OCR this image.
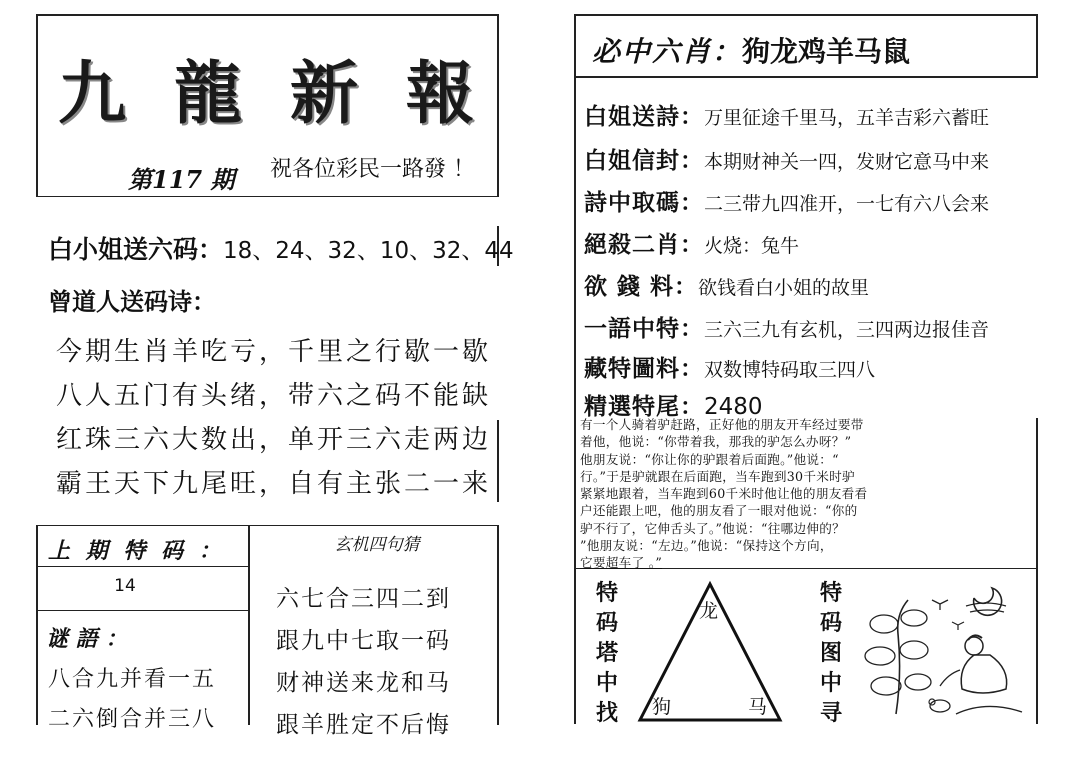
九 龍 新 報
第117 期 祝各位彩民一路發 ！
白小姐送六码：18、24、32、10、32、44
曾道人送码诗：
今期生肖羊吃亏，千里之行歇一歇
八人五门有头绪，带六之码不能缺
红珠三六大数出，单开三六走两边
霸王天下九尾旺，自有主张二一来
上 期 特 码 ：
14
玄机四句猜
六七合三四二到
跟九中七取一码
财神送来龙和马
跟羊胜定不后悔
谜 語 ：
八合九并看一五
二六倒合并三八
必中六肖：狗龙鸡羊马鼠
白姐送詩：万里征途千里马，五羊吉彩六蓄旺
白姐信封：本期财神关一四，发财它意马中来
詩中取碼：二三带九四准开，一七有六八会来
絕殺二肖：火烧：兔牛
欲 錢 料：欲钱看白小姐的故里
一語中特：三六三九有玄机，三四两边报佳音
藏特圖料：双数博特码取三四八
精選特尾：2480
有一个人骑着驴赶路，正好他的朋友开车经过要带
着他，他说：“你带着我，那我的驴怎么办呀？”
他朋友说：“你让你的驴跟着后面跑。”他说：“
行。”于是驴就跟在后面跑，当车跑到30千米时驴
紧紧地跟着，当车跑到60千米时他让他的朋友看看
户还能跟上吧，他的朋友看了一眼对他说：“你的
驴不行了，它伸舌头了。”他说：“往哪边伸的？
”他朋友说：“左边。”他说：“保持这个方向，
它要超车了 。”
特
码
塔
中
找
龙
狗	马
特
码
图
中
寻
